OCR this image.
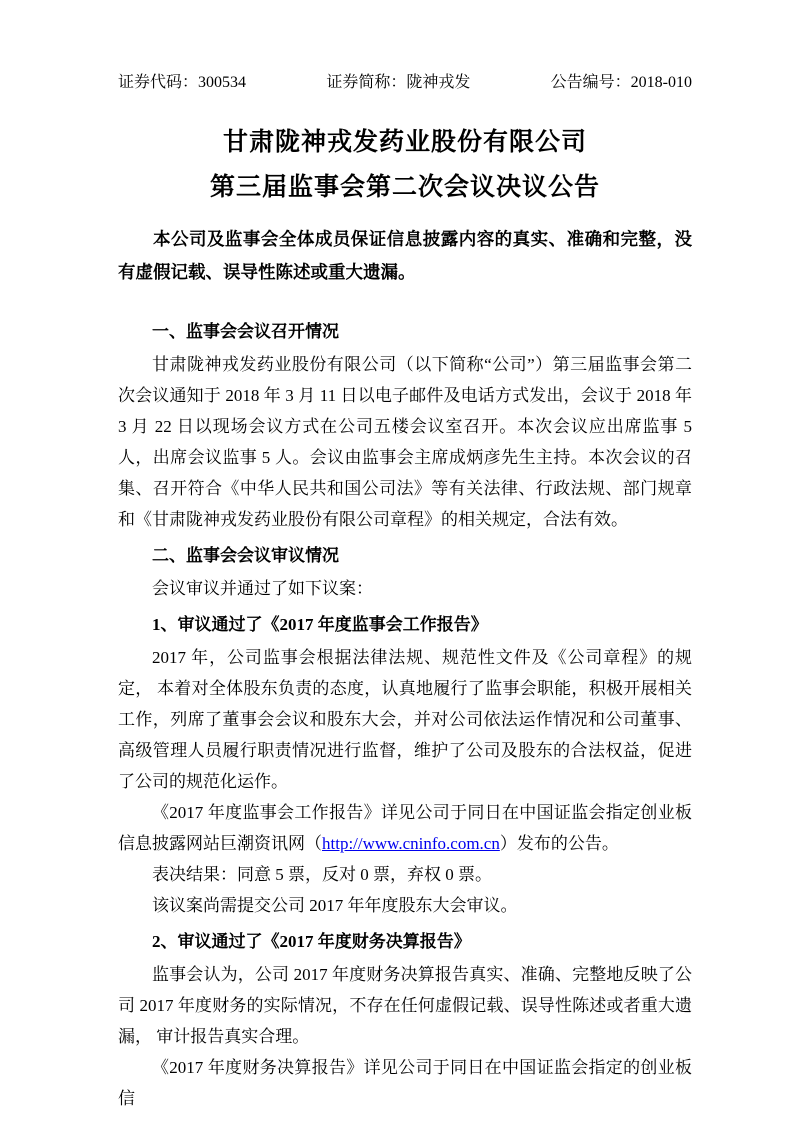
证券代码：300534	证券简称：陇神戎发	公告编号：2018-010
甘肃陇神戎发药业股份有限公司
第三届监事会第二次会议决议公告

本公司及监事会全体成员保证信息披露内容的真实、准确和完整，没有虚假记载、误导性陈述或重大遗漏。

一、监事会会议召开情况

甘肃陇神戎发药业股份有限公司（以下简称“公司”）第三届监事会第二次会议通知于 2018 年 3 月 11 日以电子邮件及电话方式发出，会议于 2018 年 3 月 22 日以现场会议方式在公司五楼会议室召开。本次会议应出席监事 5 人，出席会议监事 5 人。会议由监事会主席成炳彦先生主持。本次会议的召集、召开符合《中华人民共和国公司法》等有关法律、行政法规、部门规章和《甘肃陇神戎发药业股份有限公司章程》的相关规定，合法有效。

二、监事会会议审议情况

会议审议并通过了如下议案：

1、审议通过了《2017 年度监事会工作报告》

2017 年，公司监事会根据法律法规、规范性文件及《公司章程》的规定， 本着对全体股东负责的态度，认真地履行了监事会职能，积极开展相关工作，列席了董事会会议和股东大会，并对公司依法运作情况和公司董事、高级管理人员履行职责情况进行监督，维护了公司及股东的合法权益，促进了公司的规范化运作。

《2017 年度监事会工作报告》详见公司于同日在中国证监会指定创业板信息披露网站巨潮资讯网（http://www.cninfo.com.cn）发布的公告。

表决结果：同意 5 票，反对 0 票，弃权 0 票。

该议案尚需提交公司 2017 年年度股东大会审议。

2、审议通过了《2017 年度财务决算报告》

监事会认为，公司 2017 年度财务决算报告真实、准确、完整地反映了公司 2017 年度财务的实际情况，不存在任何虚假记载、误导性陈述或者重大遗漏， 审计报告真实合理。

《2017 年度财务决算报告》详见公司于同日在中国证监会指定的创业板信
